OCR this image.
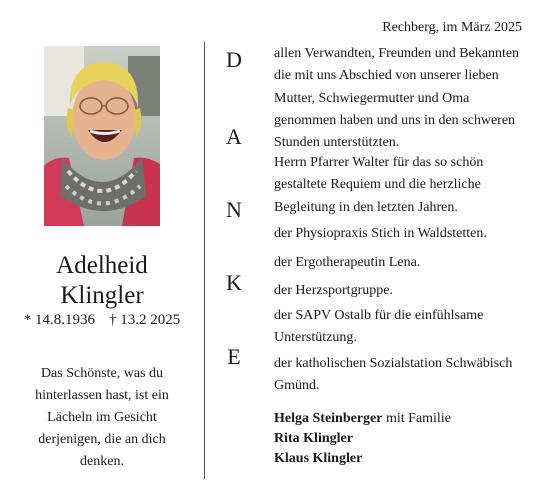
Adelheid
Klingler
* 14.8.1936 † 13.2 2025
Das Schönste, was du
hinterlassen hast, ist ein
Lächeln im Gesicht
derjenigen, die an dich
denken.
D
A
N
K
E
Rechberg, im März 2025
allen Verwandten, Freunden und Bekannten
die mit uns Abschied von unserer lieben
Mutter, Schwiegermutter und Oma
genommen haben und uns in den schweren
Stunden unterstützten.
Herrn Pfarrer Walter für das so schön
gestaltete Requiem und die herzliche
Begleitung in den letzten Jahren.
der Physiopraxis Stich in Waldstetten.
der Ergotherapeutin Lena.
der Herzsportgruppe.
der SAPV Ostalb für die einfühlsame
Unterstützung.
der katholischen Sozialstation Schwäbisch
Gmünd.
Helga Steinberger mit Familie
Rita Klingler
Klaus Klingler
